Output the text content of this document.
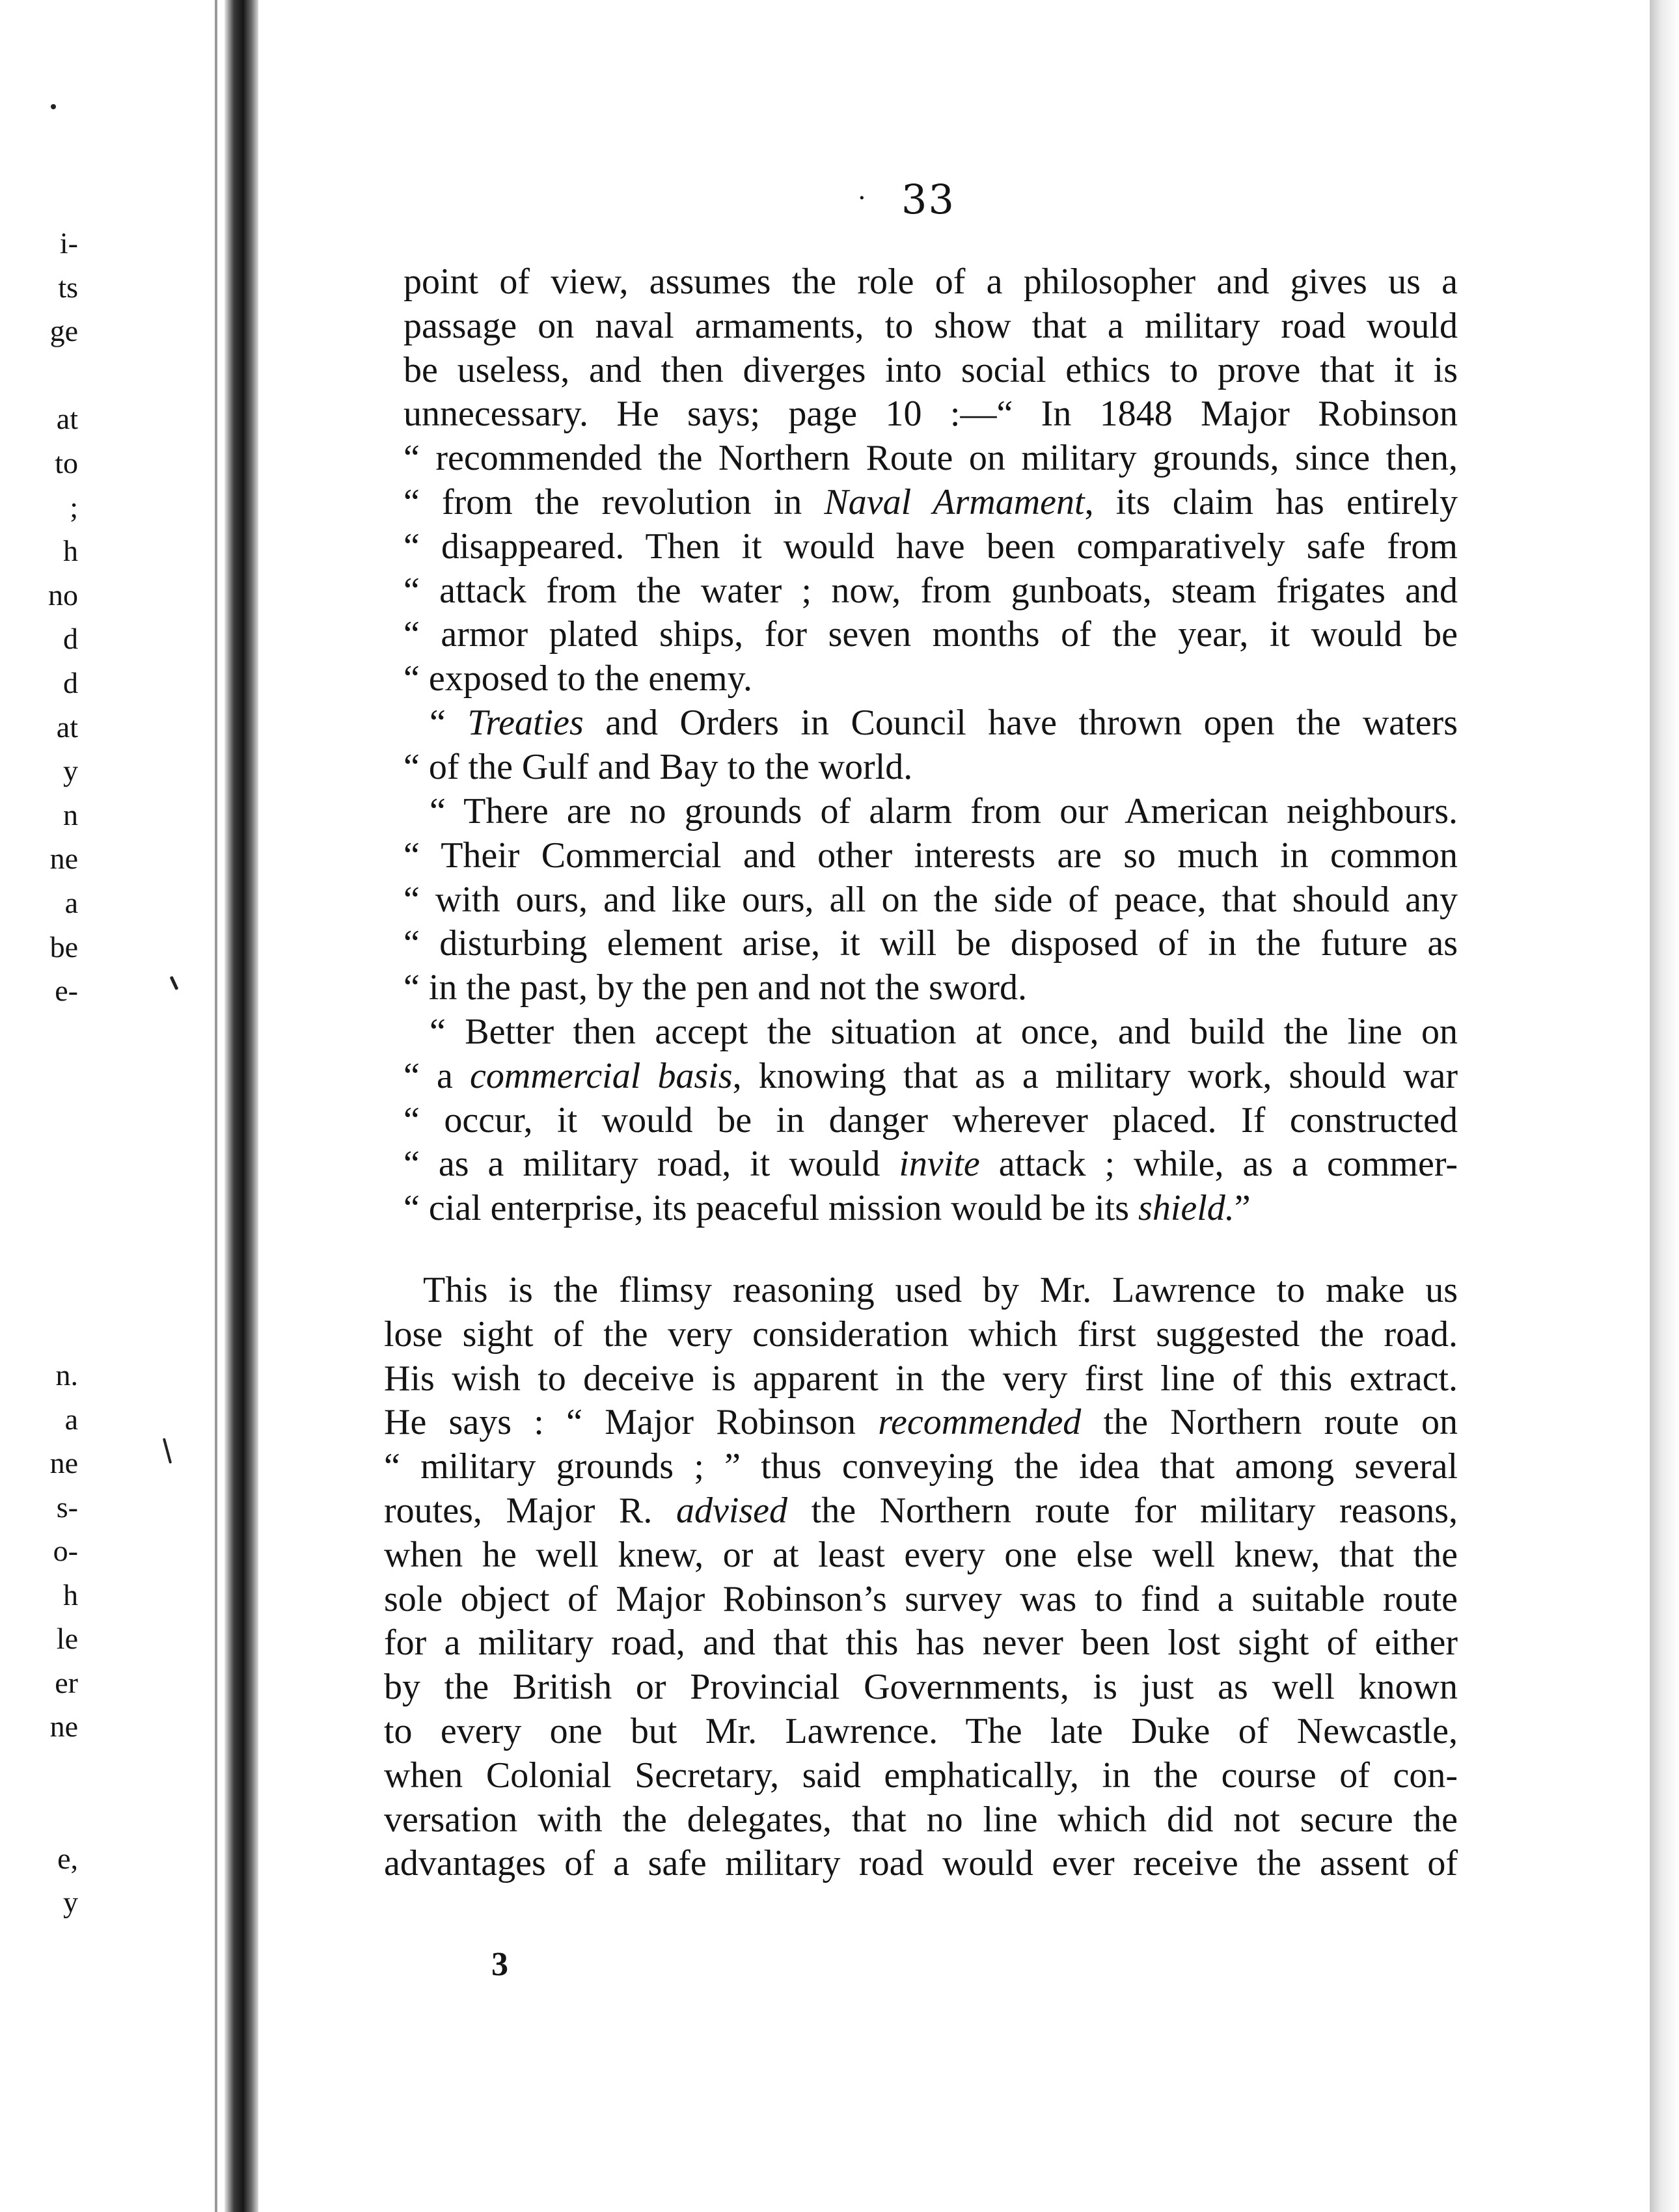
i-
ts
ge

at
to
;
h
no
d
d
at
y
n
ne
a
be
e-
n.
a
ne
s-
o-
h
le
er
ne

e,
y
· 33
point of view, assumes the role of a philosopher and gives us a
passage on naval armaments, to show that a military road would
be useless, and then diverges into social ethics to prove that it is
unnecessary. He says; page 10 :—“ In 1848 Major Robinson
“ recommended the Northern Route on military grounds, since then,
“ from the revolution in Naval Armament, its claim has entirely
“ disappeared. Then it would have been comparatively safe from
“ attack from the water ; now, from gunboats, steam frigates and
“ armor plated ships, for seven months of the year, it would be
“ exposed to the enemy.
“ Treaties and Orders in Council have thrown open the waters
“ of the Gulf and Bay to the world.
“ There are no grounds of alarm from our American neighbours.
“ Their Commercial and other interests are so much in common
“ with ours, and like ours, all on the side of peace, that should any
“ disturbing element arise, it will be disposed of in the future as
“ in the past, by the pen and not the sword.
“ Better then accept the situation at once, and build the line on
“ a commercial basis, knowing that as a military work, should war
“ occur, it would be in danger wherever placed. If constructed
“ as a military road, it would invite attack ; while, as a commer-
“ cial enterprise, its peaceful mission would be its shield.”
This is the flimsy reasoning used by Mr. Lawrence to make us
lose sight of the very consideration which first suggested the road.
His wish to deceive is apparent in the very first line of this extract.
He says : “ Major Robinson recommended the Northern route on
“ military grounds ; ” thus conveying the idea that among several
routes, Major R. advised the Northern route for military reasons,
when he well knew, or at least every one else well knew, that the
sole object of Major Robinson’s survey was to find a suitable route
for a military road, and that this has never been lost sight of either
by the British or Provincial Governments, is just as well known
to every one but Mr. Lawrence. The late Duke of Newcastle,
when Colonial Secretary, said emphatically, in the course of con-
versation with the delegates, that no line which did not secure the
advantages of a safe military road would ever receive the assent of
3
